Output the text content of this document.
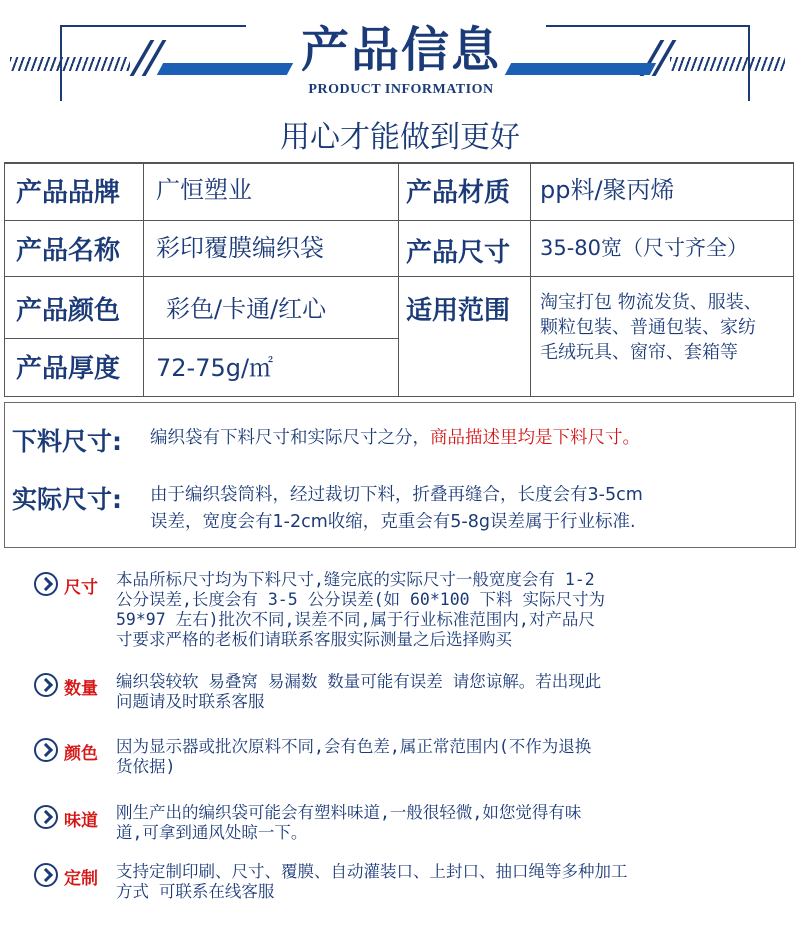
产品信息
PRODUCT INFORMATION
用心才能做到更好
产品品牌 广恒塑业	产品材质 pp料/聚丙烯
产品名称 彩印覆膜编织袋	产品尺寸 35-80宽（尺寸齐全）
产品颜色 彩色/卡通/红心	适用范围 淘宝打包 物流发货、服装、
颗粒包装、普通包装、家纺
毛绒玩具、窗帘、套箱等
产品厚度 72-75g/㎡
下料尺寸: 编织袋有下料尺寸和实际尺寸之分，商品描述里均是下料尺寸。
实际尺寸: 由于编织袋筒料，经过裁切下料，折叠再缝合，长度会有3-5cm
误差，宽度会有1-2cm收缩，克重会有5-8g误差属于行业标准.
尺寸 本品所标尺寸均为下料尺寸,缝完底的实际尺寸一般宽度会有 1-2
公分误差,长度会有 3-5 公分误差(如 60*100 下料 实际尺寸为
59*97 左右)批次不同,误差不同,属于行业标准范围内,对产品尺
寸要求严格的老板们请联系客服实际测量之后选择购买
数量 编织袋较软 易叠窝 易漏数 数量可能有误差 请您谅解。若出现此
问题请及时联系客服
颜色 因为显示器或批次原料不同,会有色差,属正常范围内(不作为退换
货依据)
味道 刚生产出的编织袋可能会有塑料味道,一般很轻微,如您觉得有味
道,可拿到通风处晾一下。
定制 支持定制印刷、尺寸、覆膜、自动灌装口、上封口、抽口绳等多种加工
方式 可联系在线客服
